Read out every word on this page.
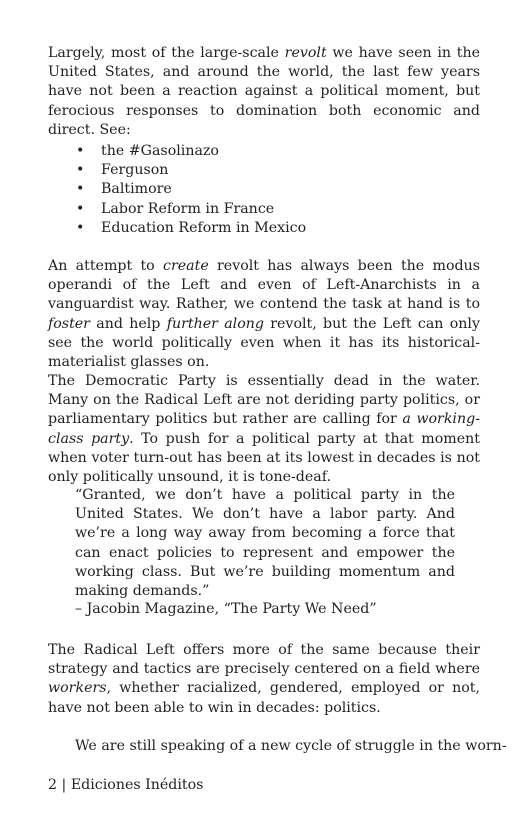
Largely, most of the large-scale revolt we have seen in the United States, and around the world, the last few years have not been a reaction against a political moment, but ferocious responses to domination both economic and direct. See:

• the #Gasolinazo
• Ferguson
• Baltimore
• Labor Reform in France
• Education Reform in Mexico

An attempt to create revolt has always been the modus operandi of the Left and even of Left-Anarchists in a vanguardist way. Rather, we contend the task at hand is to foster and help further along revolt, but the Left can only see the world politically even when it has its historical-materialist glasses on.

The Democratic Party is essentially dead in the water. Many on the Radical Left are not deriding party politics, or parliamentary politics but rather are calling for a working-class party. To push for a political party at that moment when voter turn-out has been at its lowest in decades is not only politically unsound, it is tone-deaf.

“Granted, we don’t have a political party in the United States. We don’t have a labor party. And we’re a long way away from becoming a force that can enact policies to represent and empower the working class. But we’re building momentum and making demands.”

– Jacobin Magazine, “The Party We Need”

The Radical Left offers more of the same because their strategy and tactics are precisely centered on a field where workers, whether racialized, gendered, employed or not, have not been able to win in decades: politics.

We are still speaking of a new cycle of struggle in the worn-

2 | Ediciones Inéditos
